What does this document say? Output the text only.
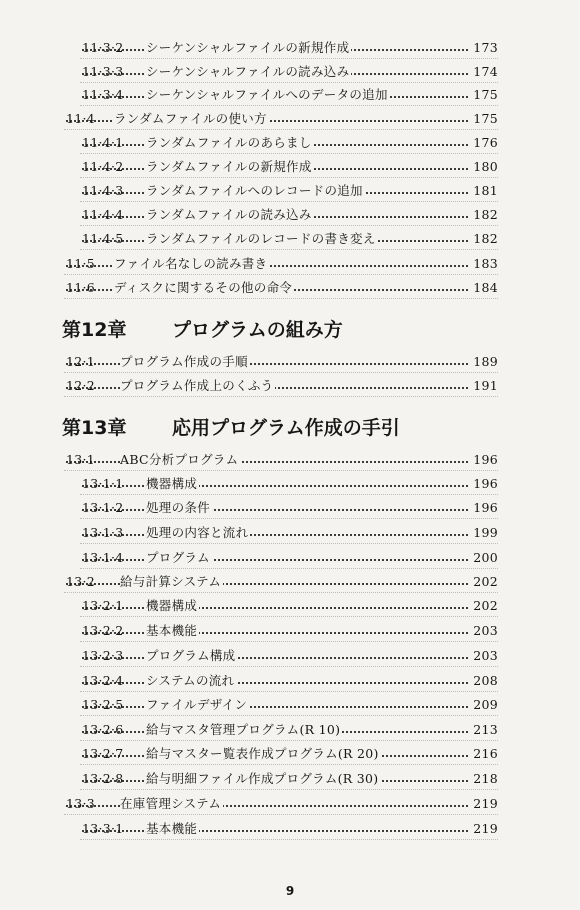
11·3·2 シーケンシャルファイルの新規作成	173
11·3·3 シーケンシャルファイルの読み込み	174
11·3·4 シーケンシャルファイルへのデータの追加	175
11·4 ランダムファイルの使い方	175
11·4·1 ランダムファイルのあらまし	176
11·4·2 ランダムファイルの新規作成	180
11·4·3 ランダムファイルへのレコードの追加	181
11·4·4 ランダムファイルの読み込み	182
11·4·5 ランダムファイルのレコードの書き変え	182
11·5 ファイル名なしの読み書き	183
11·6 ディスクに関するその他の命令	184
第12章 プログラムの組み方
12·1 プログラム作成の手順	189
12·2 プログラム作成上のくふう	191
第13章 応用プログラム作成の手引
13·1 ABC分析プログラム	196
13·1·1 機器構成	196
13·1·2 処理の条件	196
13·1·3 処理の内容と流れ	199
13·1·4 プログラム	200
13·2 給与計算システム	202
13·2·1 機器構成	202
13·2·2 基本機能	203
13·2·3 プログラム構成	203
13·2·4 システムの流れ	208
13·2·5 ファイルデザイン	209
13·2·6 給与マスタ管理プログラム(R 10)	213
13·2·7 給与マスター覧表作成プログラム(R 20)	216
13·2·8 給与明細ファイル作成プログラム(R 30)	218
13·3 在庫管理システム	219
13·3·1 基本機能	219
9
